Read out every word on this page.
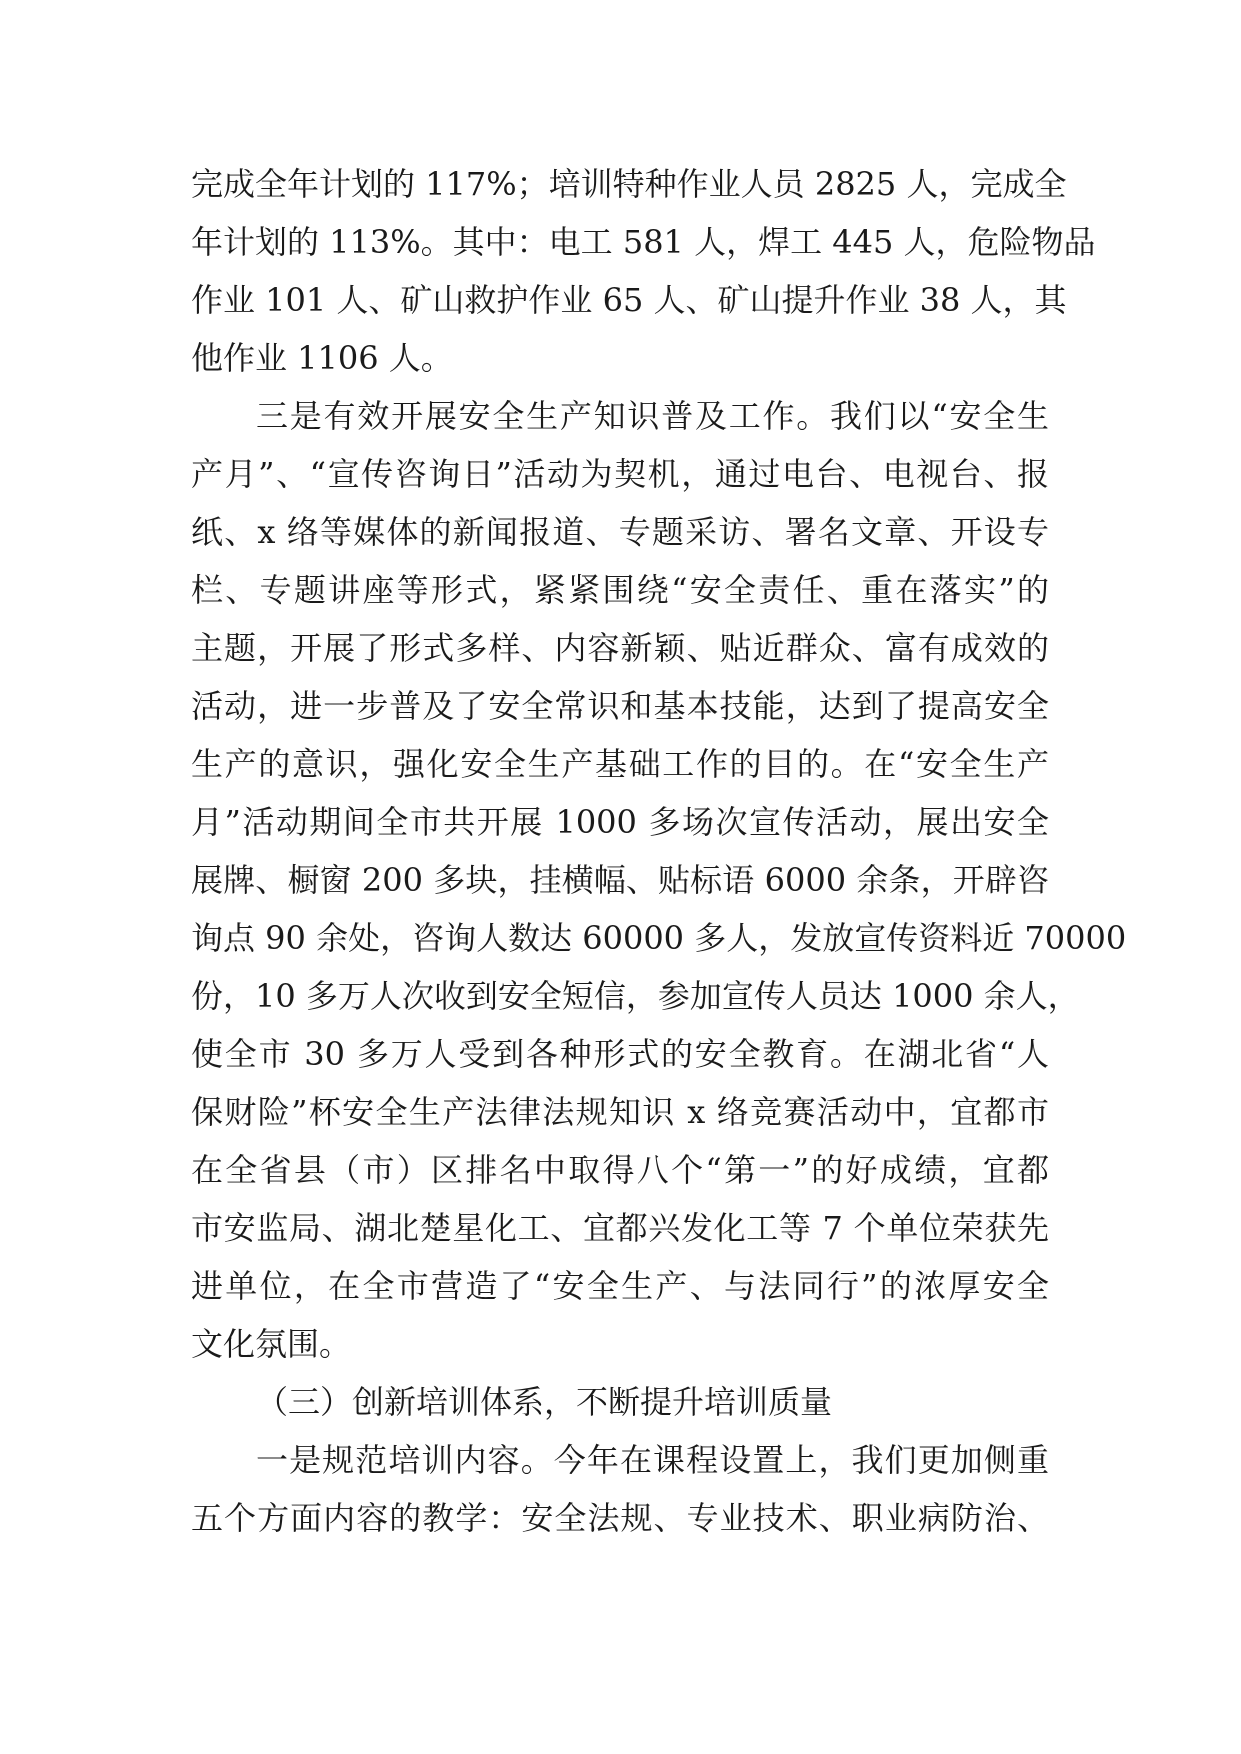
完成全年计划的 117%；培训特种作业人员 2825 人，完成全
年计划的 113%。其中：电工 581 人，焊工 445 人，危险物品
作业 101 人、矿山救护作业 65 人、矿山提升作业 38 人，其
他作业 1106 人。
三是有效开展安全生产知识普及工作。我们以“安全生
产月”、“宣传咨询日”活动为契机，通过电台、电视台、报
纸、x 络等媒体的新闻报道、专题采访、署名文章、开设专
栏、专题讲座等形式，紧紧围绕“安全责任、重在落实”的
主题，开展了形式多样、内容新颖、贴近群众、富有成效的
活动，进一步普及了安全常识和基本技能，达到了提高安全
生产的意识，强化安全生产基础工作的目的。在“安全生产
月”活动期间全市共开展 1000 多场次宣传活动，展出安全
展牌、橱窗 200 多块，挂横幅、贴标语 6000 余条，开辟咨
询点 90 余处，咨询人数达 60000 多人，发放宣传资料近 70000
份，10 多万人次收到安全短信，参加宣传人员达 1000 余人，
使全市 30 多万人受到各种形式的安全教育。在湖北省“人
保财险”杯安全生产法律法规知识 x 络竞赛活动中，宜都市
在全省县（市）区排名中取得八个“第一”的好成绩，宜都
市安监局、湖北楚星化工、宜都兴发化工等 7 个单位荣获先
进单位，在全市营造了“安全生产、与法同行”的浓厚安全
文化氛围。
（三）创新培训体系，不断提升培训质量
一是规范培训内容。今年在课程设置上，我们更加侧重
五个方面内容的教学：安全法规、专业技术、职业病防治、
